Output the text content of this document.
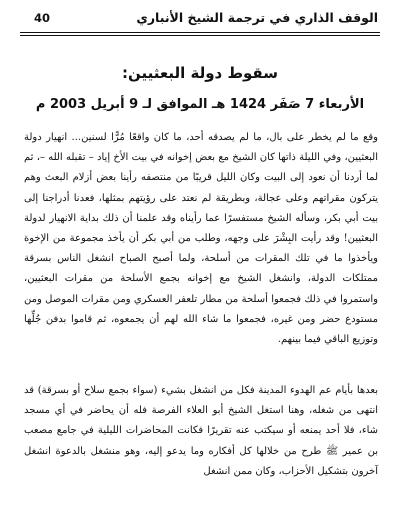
الوقف الذاري في ترجمة الشيخ الأنباري
40
سقوط دولة البعثيين:
الأربعاء 7 صَفَر 1424 هـ الموافق لـ 9 أبريل 2003 م

وقع ما لم يخطر على بال، ما لم يصدقه أحد، ما كان واقعًا مُرًّا لسنين... انهيار دولة البعثيين، وفي الليلة ذاتها كان الشيخ مع بعض إخوانه في بيت الأخ إياد – تقبله الله –، ثم لما أردنا أن نعود إلى البيت وكان الليل قريبًا من منتصفه رأينا بعض أزلام البعث وهم يتركون مقراتهم وعلى عجالة، وبطريقة لم نعتد على رؤيتهم بمثلها، فعدنا أدراجنا إلى بيت أبي بكر، وسأله الشيخ مستفسرًا عما رأيناه وقد علمنا أن ذلك بداية الانهيار لدولة البعثيين! وقد رأيت البِشْرَ على وجهه، وطلب من أبي بكر أن يأخذ مجموعة من الإخوة ويأخذوا ما في تلك المقرات من أسلحة، ولما أصبح الصباح انشغل الناس بسرقة ممتلكات الدولة، وانشغل الشيخ مع إخوانه بجمع الأسلحة من مقرات البعثيين، واستمروا في ذلك فجمعوا أسلحة من مطار تلعفر العسكري ومن مقرات الموصل ومن مستودع حضر ومن غيره، فجمعوا ما شاء الله لهم أن يجمعوه، ثم قاموا بدفن جُلِّها وتوزيع الباقي فيما بينهم.

بعدها بأيام عم الهدوء المدينة فكل من انشغل بشيء (سواء بجمع سلاح أو بسرقة) قد انتهى من شغله، وهنا استغل الشيخ أبو العلاء الفرصة فله أن يحاضر في أي مسجد شاء، فلا أحد يمنعه أو سيكتب عنه تقريرًا فكانت المحاضرات الليلية في جامع مصعب بن عمير ﷺ طرح من خلالها كل أفكاره وما يدعو إليه، وهو منشغل بالدعوة انشغل آخرون بتشكيل الأحزاب، وكان ممن انشغل
